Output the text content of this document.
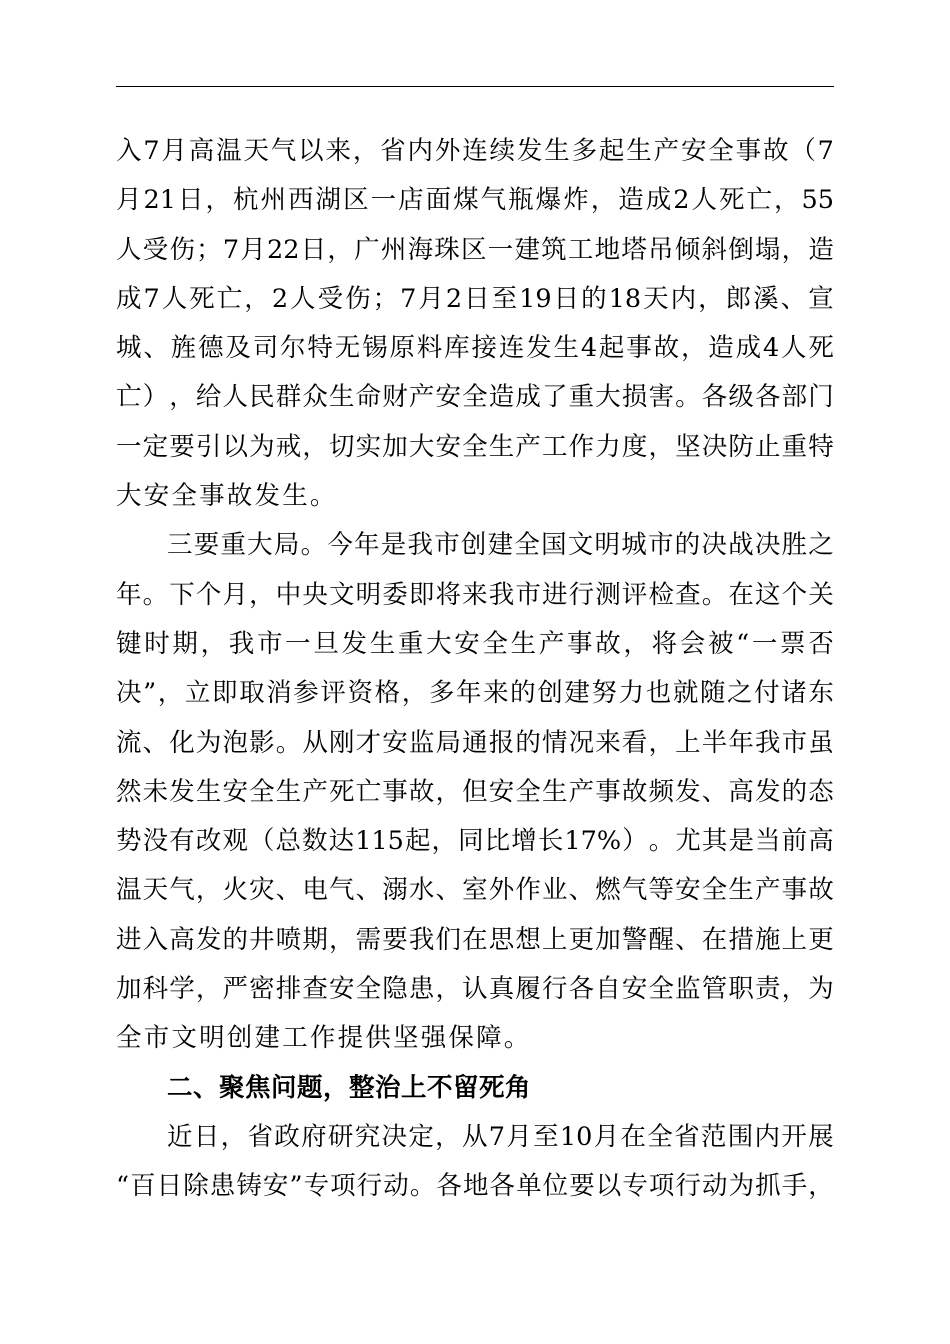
入 7 月 高 温 天 气 以 来 ， 省 内 外 连 续 发 生 多 起 生 产 安 全 事 故 （ 7
月 21 日 ， 杭 州 西 湖 区 一 店 面 煤 气 瓶 爆 炸 ， 造 成 2 人 死 亡 ， 55
人 受 伤 ； 7 月 22 日 ， 广 州 海 珠 区 一 建 筑 工 地 塔 吊 倾 斜 倒 塌 ， 造
成 7 人 死 亡 ， 2 人 受 伤 ； 7 月 2 日 至 19 日 的 18 天 内 ， 郎 溪 、 宣
城 、 旌 德 及 司 尔 特 无 锡 原 料 库 接 连 发 生 4 起 事 故 ， 造 成 4 人 死
亡 ） ， 给 人 民 群 众 生 命 财 产 安 全 造 成 了 重 大 损 害 。 各 级 各 部 门
一 定 要 引 以 为 戒 ， 切 实 加 大 安 全 生 产 工 作 力 度 ， 坚 决 防 止 重 特
大安全事故发生。
三 要 重 大 局 。 今 年 是 我 市 创 建 全 国 文 明 城 市 的 决 战 决 胜 之
年 。 下 个 月 ， 中 央 文 明 委 即 将 来 我 市 进 行 测 评 检 查 。 在 这 个 关
键 时 期 ， 我 市 一 旦 发 生 重 大 安 全 生 产 事 故 ， 将 会 被 “ 一 票 否
决 ” ， 立 即 取 消 参 评 资 格 ， 多 年 来 的 创 建 努 力 也 就 随 之 付 诸 东
流 、 化 为 泡 影 。 从 刚 才 安 监 局 通 报 的 情 况 来 看 ， 上 半 年 我 市 虽
然 未 发 生 安 全 生 产 死 亡 事 故 ， 但 安 全 生 产 事 故 频 发 、 高 发 的 态
势 没 有 改 观 （ 总 数 达 115 起 ， 同 比 增 长 17% ） 。 尤 其 是 当 前 高
温 天 气 ， 火 灾 、 电 气 、 溺 水 、 室 外 作 业 、 燃 气 等 安 全 生 产 事 故
进 入 高 发 的 井 喷 期 ， 需 要 我 们 在 思 想 上 更 加 警 醒 、 在 措 施 上 更
加 科 学 ， 严 密 排 查 安 全 隐 患 ， 认 真 履 行 各 自 安 全 监 管 职 责 ， 为
全市文明创建工作提供坚强保障。
二、聚焦问题，整治上不留死角
近 日 ， 省 政 府 研 究 决 定 ， 从 7 月 至 10 月 在 全 省 范 围 内 开 展
“ 百 日 除 患 铸 安 ” 专 项 行 动 。 各 地 各 单 位 要 以 专 项 行 动 为 抓 手 ，
